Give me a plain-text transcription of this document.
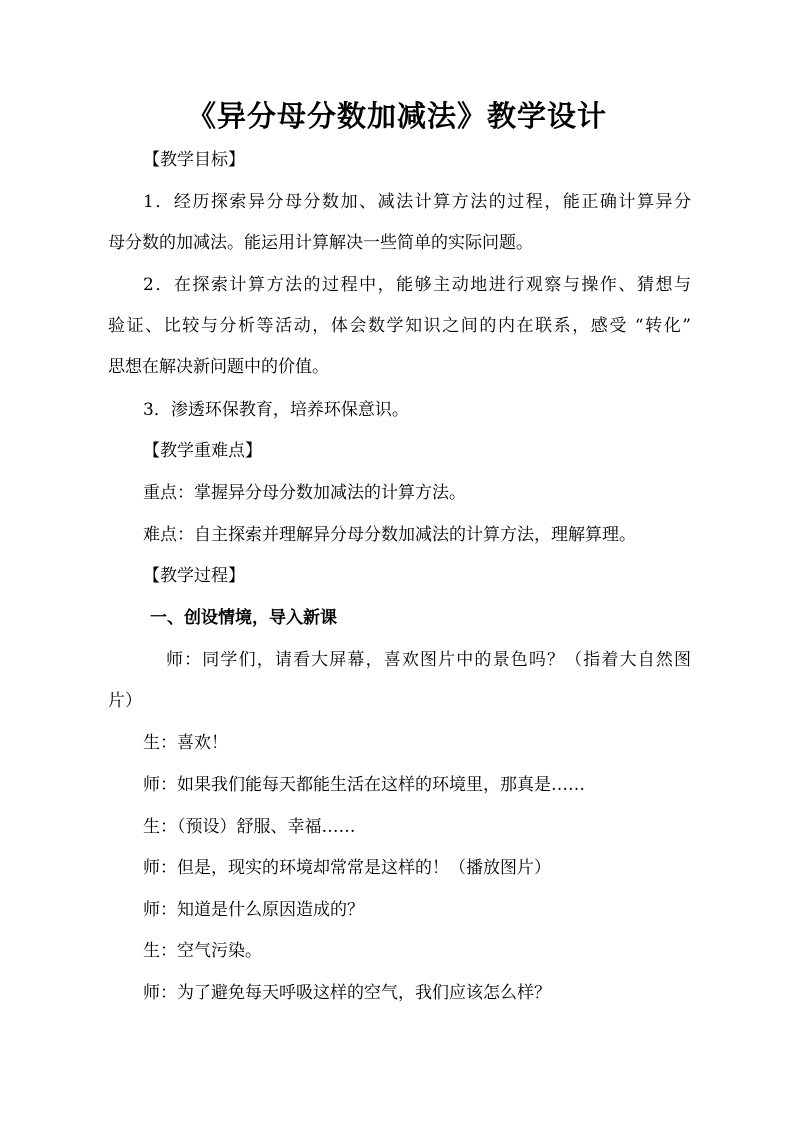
《异分母分数加减法》教学设计
【教学目标】
1．经历探索异分母分数加、减法计算方法的过程，能正确计算异分
母分数的加减法。能运用计算解决一些简单的实际问题。
2．在探索计算方法的过程中，能够主动地进行观察与操作、猜想与
验证、比较与分析等活动，体会数学知识之间的内在联系，感受 “转化”
思想在解决新问题中的价值。
3．渗透环保教育，培养环保意识。
【教学重难点】
重点：掌握异分母分数加减法的计算方法。
难点：自主探索并理解异分母分数加减法的计算方法，理解算理。
【教学过程】
一、创设情境，导入新课
师：同学们，请看大屏幕，喜欢图片中的景色吗？（指着大自然图
片）
生：喜欢！
师：如果我们能每天都能生活在这样的环境里，那真是……
生：（预设）舒服、幸福……
师：但是，现实的环境却常常是这样的！（播放图片）
师：知道是什么原因造成的？
生：空气污染。
师：为了避免每天呼吸这样的空气，我们应该怎么样？
